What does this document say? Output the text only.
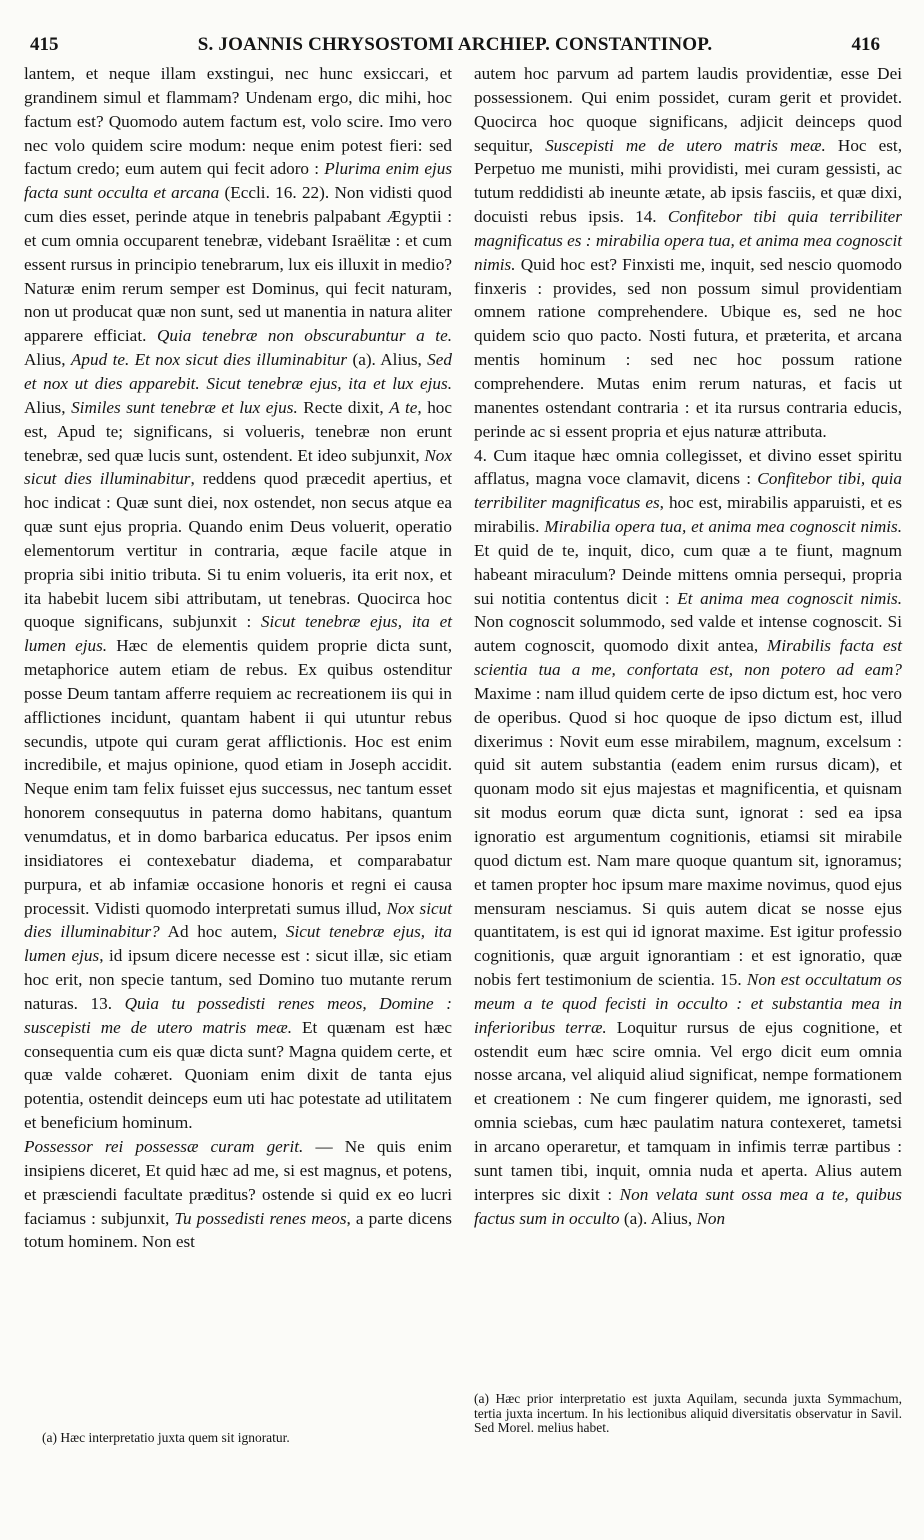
415	S. JOANNIS CHRYSOSTOMI ARCHIEP. CONSTANTINOP.	416

lantem, et neque illam exstingui, nec hunc exsiccari, et grandinem simul et flammam? Undenam ergo, dic mihi, hoc factum est? Quomodo autem factum est, volo scire. Imo vero nec volo quidem scire modum: neque enim potest fieri: sed factum credo; eum autem qui fecit adoro : Plurima enim ejus facta sunt occulta et arcana (Eccli. 16. 22). Non vidisti quod cum dies esset, perinde atque in tenebris palpabant Ægyptii : et cum omnia occuparent tenebræ, videbant Israëlitæ : et cum essent rursus in principio tenebrarum, lux eis illuxit in medio? Naturæ enim rerum semper est Dominus, qui fecit naturam, non ut producat quæ non sunt, sed ut manentia in natura aliter apparere efficiat. Quia tenebræ non obscurabuntur a te. Alius, Apud te. Et nox sicut dies illuminabitur (a). Alius, Sed et nox ut dies apparebit. Sicut tenebræ ejus, ita et lux ejus. Alius, Similes sunt tenebræ et lux ejus. Recte dixit, A te, hoc est, Apud te; significans, si volueris, tenebræ non erunt tenebræ, sed quæ lucis sunt, ostendent. Et ideo subjunxit, Nox sicut dies illuminabitur, reddens quod præcedit apertius, et hoc indicat : Quæ sunt diei, nox ostendet, non secus atque ea quæ sunt ejus propria. Quando enim Deus voluerit, operatio elementorum vertitur in contraria, æque facile atque in propria sibi initio tributa. Si tu enim volueris, ita erit nox, et ita habebit lucem sibi attributam, ut tenebras. Quocirca hoc quoque significans, subjunxit : Sicut tenebræ ejus, ita et lumen ejus. Hæc de elementis quidem proprie dicta sunt, metaphorice autem etiam de rebus. Ex quibus ostenditur posse Deum tantam afferre requiem ac recreationem iis qui in afflictiones incidunt, quantam habent ii qui utuntur rebus secundis, utpote qui curam gerat afflictionis. Hoc est enim incredibile, et majus opinione, quod etiam in Joseph accidit. Neque enim tam felix fuisset ejus successus, nec tantum esset honorem consequutus in paterna domo habitans, quantum venumdatus, et in domo barbarica educatus. Per ipsos enim insidiatores ei contexebatur diadema, et comparabatur purpura, et ab infamiæ occasione honoris et regni ei causa processit. Vidisti quomodo interpretati sumus illud, Nox sicut dies illuminabitur? Ad hoc autem, Sicut tenebræ ejus, ita lumen ejus, id ipsum dicere necesse est : sicut illæ, sic etiam hoc erit, non specie tantum, sed Domino tuo mutante rerum naturas. 13. Quia tu possedisti renes meos, Domine : suscepisti me de utero matris meæ. Et quænam est hæc consequentia cum eis quæ dicta sunt? Magna quidem certe, et quæ valde cohæret. Quoniam enim dixit de tanta ejus potentia, ostendit deinceps eum uti hac potestate ad utilitatem et beneficium hominum.

Possessor rei possessæ curam gerit. — Ne quis enim insipiens diceret, Et quid hæc ad me, si est magnus, et potens, et præsciendi facultate præditus? ostende si quid ex eo lucri faciamus : subjunxit, Tu possedisti renes meos, a parte dicens totum hominem. Non est

(a) Hæc interpretatio juxta quem sit ignoratur.

autem hoc parvum ad partem laudis providentiæ, esse Dei possessionem. Qui enim possidet, curam gerit et providet. Quocirca hoc quoque significans, adjicit deinceps quod sequitur, Suscepisti me de utero matris meæ. Hoc est, Perpetuo me munisti, mihi providisti, mei curam gessisti, ac tutum reddidisti ab ineunte ætate, ab ipsis fasciis, et quæ dixi, docuisti rebus ipsis. 14. Confitebor tibi quia terribiliter magnificatus es : mirabilia opera tua, et anima mea cognoscit nimis. Quid hoc est? Finxisti me, inquit, sed nescio quomodo finxeris : provides, sed non possum simul providentiam omnem ratione comprehendere. Ubique es, sed ne hoc quidem scio quo pacto. Nosti futura, et præterita, et arcana mentis hominum : sed nec hoc possum ratione comprehendere. Mutas enim rerum naturas, et facis ut manentes ostendant contraria : et ita rursus contraria educis, perinde ac si essent propria et ejus naturæ attributa.

4. Cum itaque hæc omnia collegisset, et divino esset spiritu afflatus, magna voce clamavit, dicens : Confitebor tibi, quia terribiliter magnificatus es, hoc est, mirabilis apparuisti, et es mirabilis. Mirabilia opera tua, et anima mea cognoscit nimis. Et quid de te, inquit, dico, cum quæ a te fiunt, magnum habeant miraculum? Deinde mittens omnia persequi, propria sui notitia contentus dicit : Et anima mea cognoscit nimis. Non cognoscit solummodo, sed valde et intense cognoscit. Si autem cognoscit, quomodo dixit antea, Mirabilis facta est scientia tua a me, confortata est, non potero ad eam? Maxime : nam illud quidem certe de ipso dictum est, hoc vero de operibus. Quod si hoc quoque de ipso dictum est, illud dixerimus : Novit eum esse mirabilem, magnum, excelsum : quid sit autem substantia (eadem enim rursus dicam), et quonam modo sit ejus majestas et magnificentia, et quisnam sit modus eorum quæ dicta sunt, ignorat : sed ea ipsa ignoratio est argumentum cognitionis, etiamsi sit mirabile quod dictum est. Nam mare quoque quantum sit, ignoramus; et tamen propter hoc ipsum mare maxime novimus, quod ejus mensuram nesciamus. Si quis autem dicat se nosse ejus quantitatem, is est qui id ignorat maxime. Est igitur professio cognitionis, quæ arguit ignorantiam : et est ignoratio, quæ nobis fert testimonium de scientia. 15. Non est occultatum os meum a te quod fecisti in occulto : et substantia mea in inferioribus terræ. Loquitur rursus de ejus cognitione, et ostendit eum hæc scire omnia. Vel ergo dicit eum omnia nosse arcana, vel aliquid aliud significat, nempe formationem et creationem : Ne cum fingerer quidem, me ignorasti, sed omnia sciebas, cum hæc paulatim natura contexeret, tametsi in arcano operaretur, et tamquam in infimis terræ partibus : sunt tamen tibi, inquit, omnia nuda et aperta. Alius autem interpres sic dixit : Non velata sunt ossa mea a te, quibus factus sum in occulto (a). Alius, Non

(a) Hæc prior interpretatio est juxta Aquilam, secunda juxta Symmachum, tertia juxta incertum. In his lectionibus aliquid diversitatis observatur in Savil. Sed Morel. melius habet.
